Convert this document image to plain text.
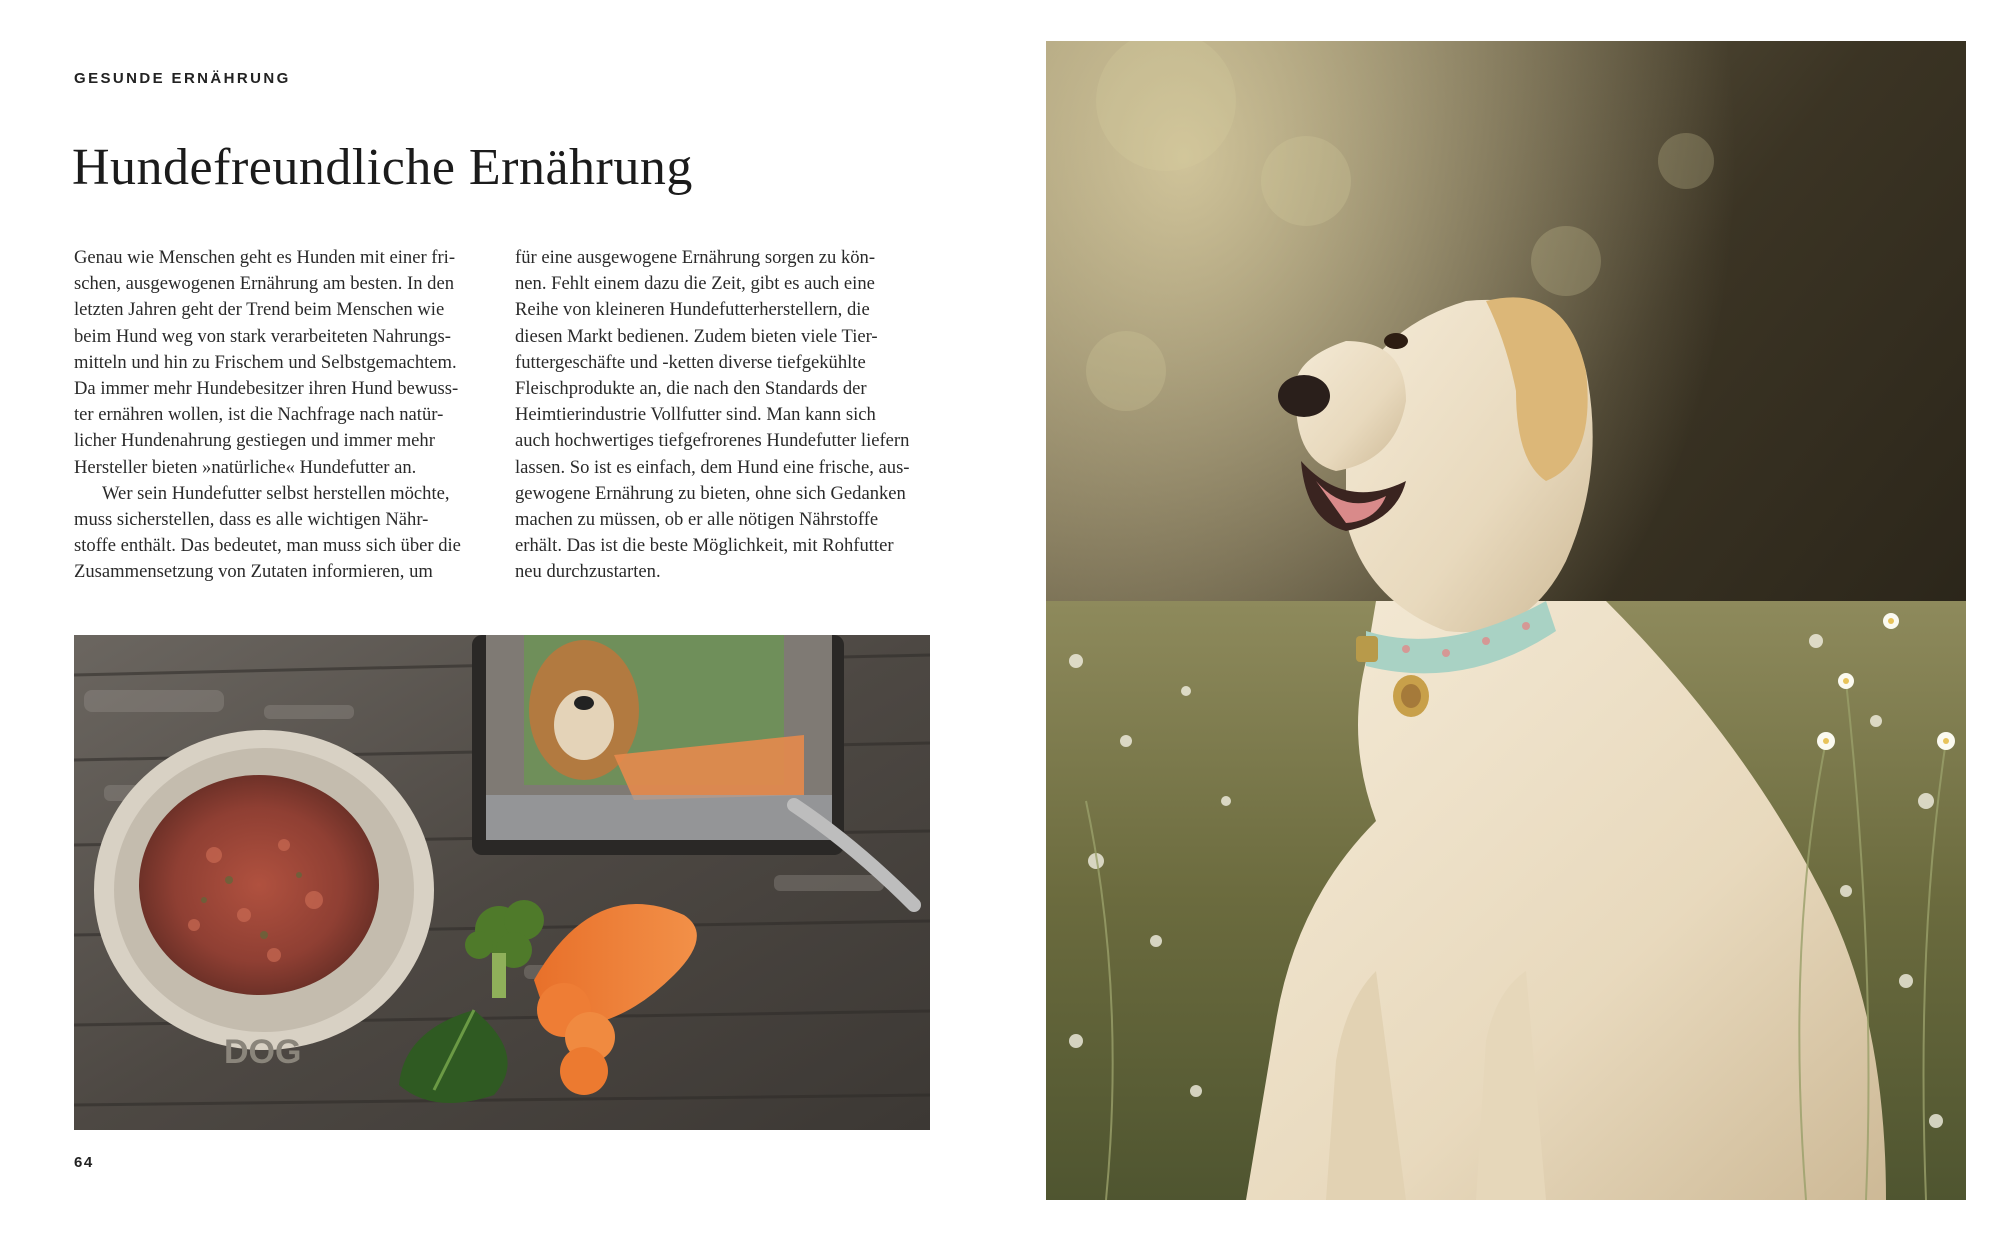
GESUNDE ERNÄHRUNG
Hundefreundliche Ernährung
Genau wie Menschen geht es Hunden mit einer fri-
schen, ausgewogenen Ernährung am besten. In den
letzten Jahren geht der Trend beim Menschen wie
beim Hund weg von stark verarbeiteten Nahrungs-
mitteln und hin zu Frischem und Selbstgemachtem.
Da immer mehr Hundebesitzer ihren Hund bewuss-
ter ernähren wollen, ist die Nachfrage nach natür-
licher Hundenahrung gestiegen und immer mehr
Hersteller bieten »natürliche« Hundefutter an.
Wer sein Hundefutter selbst herstellen möchte,
muss sicherstellen, dass es alle wichtigen Nähr-
stoffe enthält. Das bedeutet, man muss sich über die
Zusammensetzung von Zutaten informieren, um
für eine ausgewogene Ernährung sorgen zu kön-
nen. Fehlt einem dazu die Zeit, gibt es auch eine
Reihe von kleineren Hundefutterherstellern, die
diesen Markt bedienen. Zudem bieten viele Tier-
futtergeschäfte und -ketten diverse tiefgekühlte
Fleischprodukte an, die nach den Standards der
Heimtierindustrie Vollfutter sind. Man kann sich
auch hochwertiges tiefgefrorenes Hundefutter liefern
lassen. So ist es einfach, dem Hund eine frische, aus-
gewogene Ernährung zu bieten, ohne sich Gedanken
machen zu müssen, ob er alle nötigen Nährstoffe
erhält. Das ist die beste Möglichkeit, mit Rohfutter
neu durchzustarten.
DOG
64
